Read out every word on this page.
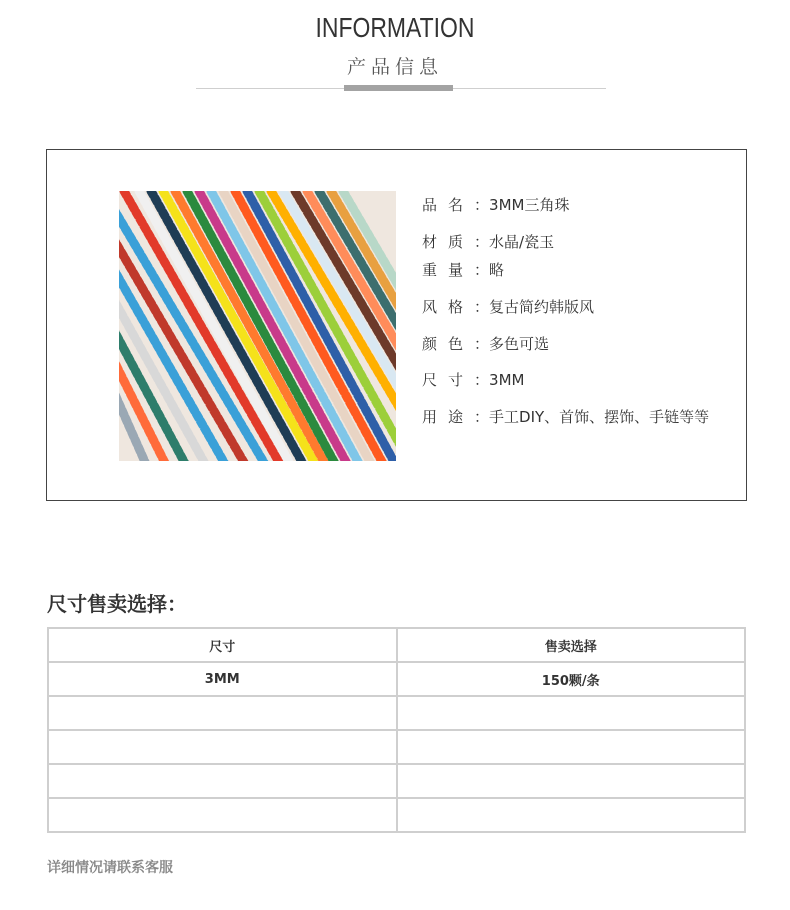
INFORMATION
产品信息
品名：3MM三角珠
材质：水晶/瓷玉
重量：略
风格：复古简约韩版风
颜色：多色可选
尺寸：3MM
用途：手工DIY、首饰、摆饰、手链等等
尺寸售卖选择：
尺寸	售卖选择
3MM	150颗/条

详细情况请联系客服
